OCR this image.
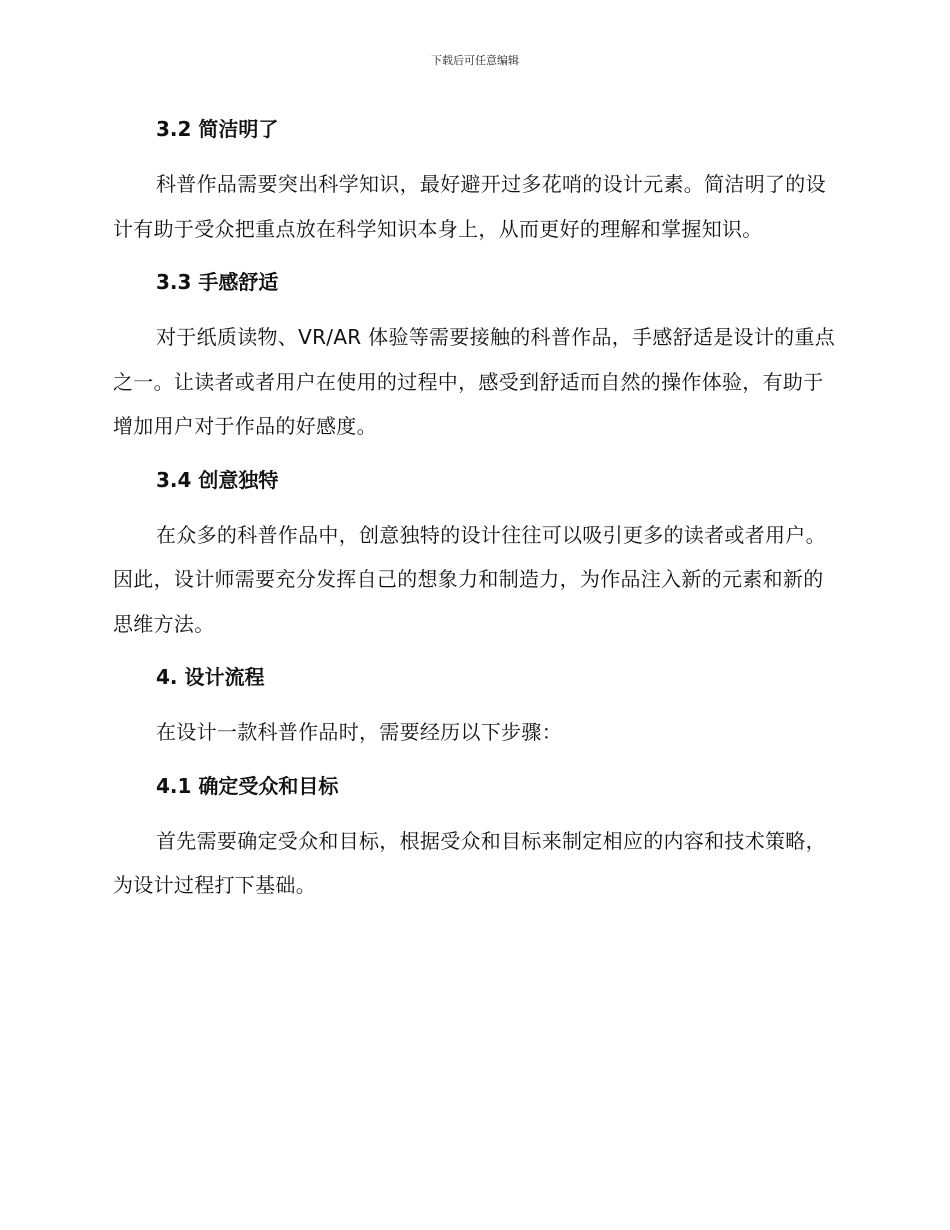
下载后可任意编辑
3.2 简洁明了

科普作品需要突出科学知识，最好避开过多花哨的设计元素。简洁明了的设计有助于受众把重点放在科学知识本身上，从而更好的理解和掌握知识。

3.3 手感舒适

对于纸质读物、VR/AR 体验等需要接触的科普作品，手感舒适是设计的重点之一。让读者或者用户在使用的过程中，感受到舒适而自然的操作体验，有助于增加用户对于作品的好感度。

3.4 创意独特

在众多的科普作品中，创意独特的设计往往可以吸引更多的读者或者用户。因此，设计师需要充分发挥自己的想象力和制造力，为作品注入新的元素和新的思维方法。

4. 设计流程

在设计一款科普作品时，需要经历以下步骤：

4.1 确定受众和目标

首先需要确定受众和目标，根据受众和目标来制定相应的内容和技术策略，为设计过程打下基础。
